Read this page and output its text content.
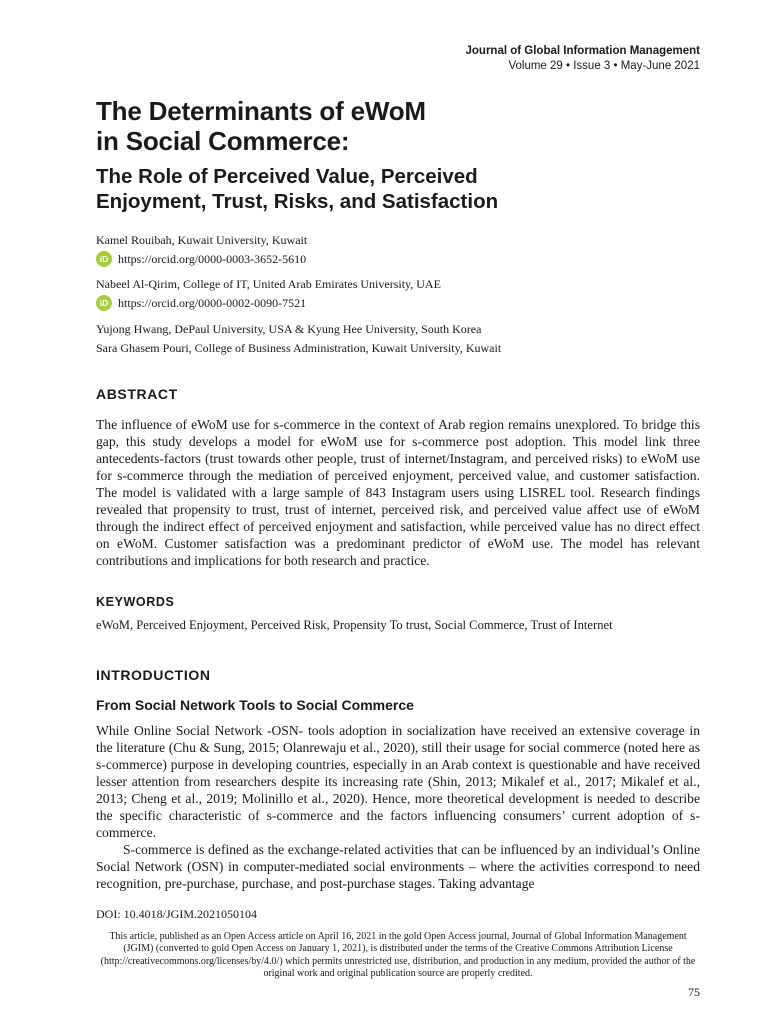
Journal of Global Information Management
Volume 29 • Issue 3 • May-June 2021
The Determinants of eWoM
in Social Commerce:
The Role of Perceived Value, Perceived
Enjoyment, Trust, Risks, and Satisfaction
Kamel Rouibah, Kuwait University, Kuwait
iD https://orcid.org/0000-0003-3652-5610
Nabeel Al-Qirim, College of IT, United Arab Emirates University, UAE
iD https://orcid.org/0000-0002-0090-7521
Yujong Hwang, DePaul University, USA & Kyung Hee University, South Korea
Sara Ghasem Pouri, College of Business Administration, Kuwait University, Kuwait
ABSTRACT

The influence of eWoM use for s-commerce in the context of Arab region remains unexplored. To bridge this gap, this study develops a model for eWoM use for s-commerce post adoption. This model link three antecedents-factors (trust towards other people, trust of internet/Instagram, and perceived risks) to eWoM use for s-commerce through the mediation of perceived enjoyment, perceived value, and customer satisfaction. The model is validated with a large sample of 843 Instagram users using LISREL tool. Research findings revealed that propensity to trust, trust of internet, perceived risk, and perceived value affect use of eWoM through the indirect effect of perceived enjoyment and satisfaction, while perceived value has no direct effect on eWoM. Customer satisfaction was a predominant predictor of eWoM use. The model has relevant contributions and implications for both research and practice.

KEYWORDS
eWoM, Perceived Enjoyment, Perceived Risk, Propensity To trust, Social Commerce, Trust of Internet
INTRODUCTION
From Social Network Tools to Social Commerce

While Online Social Network -OSN- tools adoption in socialization have received an extensive coverage in the literature (Chu & Sung, 2015; Olanrewaju et al., 2020), still their usage for social commerce (noted here as s-commerce) purpose in developing countries, especially in an Arab context is questionable and have received lesser attention from researchers despite its increasing rate (Shin, 2013; Mikalef et al., 2017; Mikalef et al., 2013; Cheng et al., 2019; Molinillo et al., 2020). Hence, more theoretical development is needed to describe the specific characteristic of s-commerce and the factors influencing consumers’ current adoption of s-commerce.

S-commerce is defined as the exchange-related activities that can be influenced by an individual’s Online Social Network (OSN) in computer-mediated social environments – where the activities correspond to need recognition, pre-purchase, purchase, and post-purchase stages. Taking advantage

DOI: 10.4018/JGIM.2021050104
This article, published as an Open Access article on April 16, 2021 in the gold Open Access journal, Journal of Global Information Management (JGIM) (converted to gold Open Access on January 1, 2021), is distributed under the terms of the Creative Commons Attribution License (http://creativecommons.org/licenses/by/4.0/) which permits unrestricted use, distribution, and production in any medium, provided the author of the original work and original publication source are properly credited.
75
